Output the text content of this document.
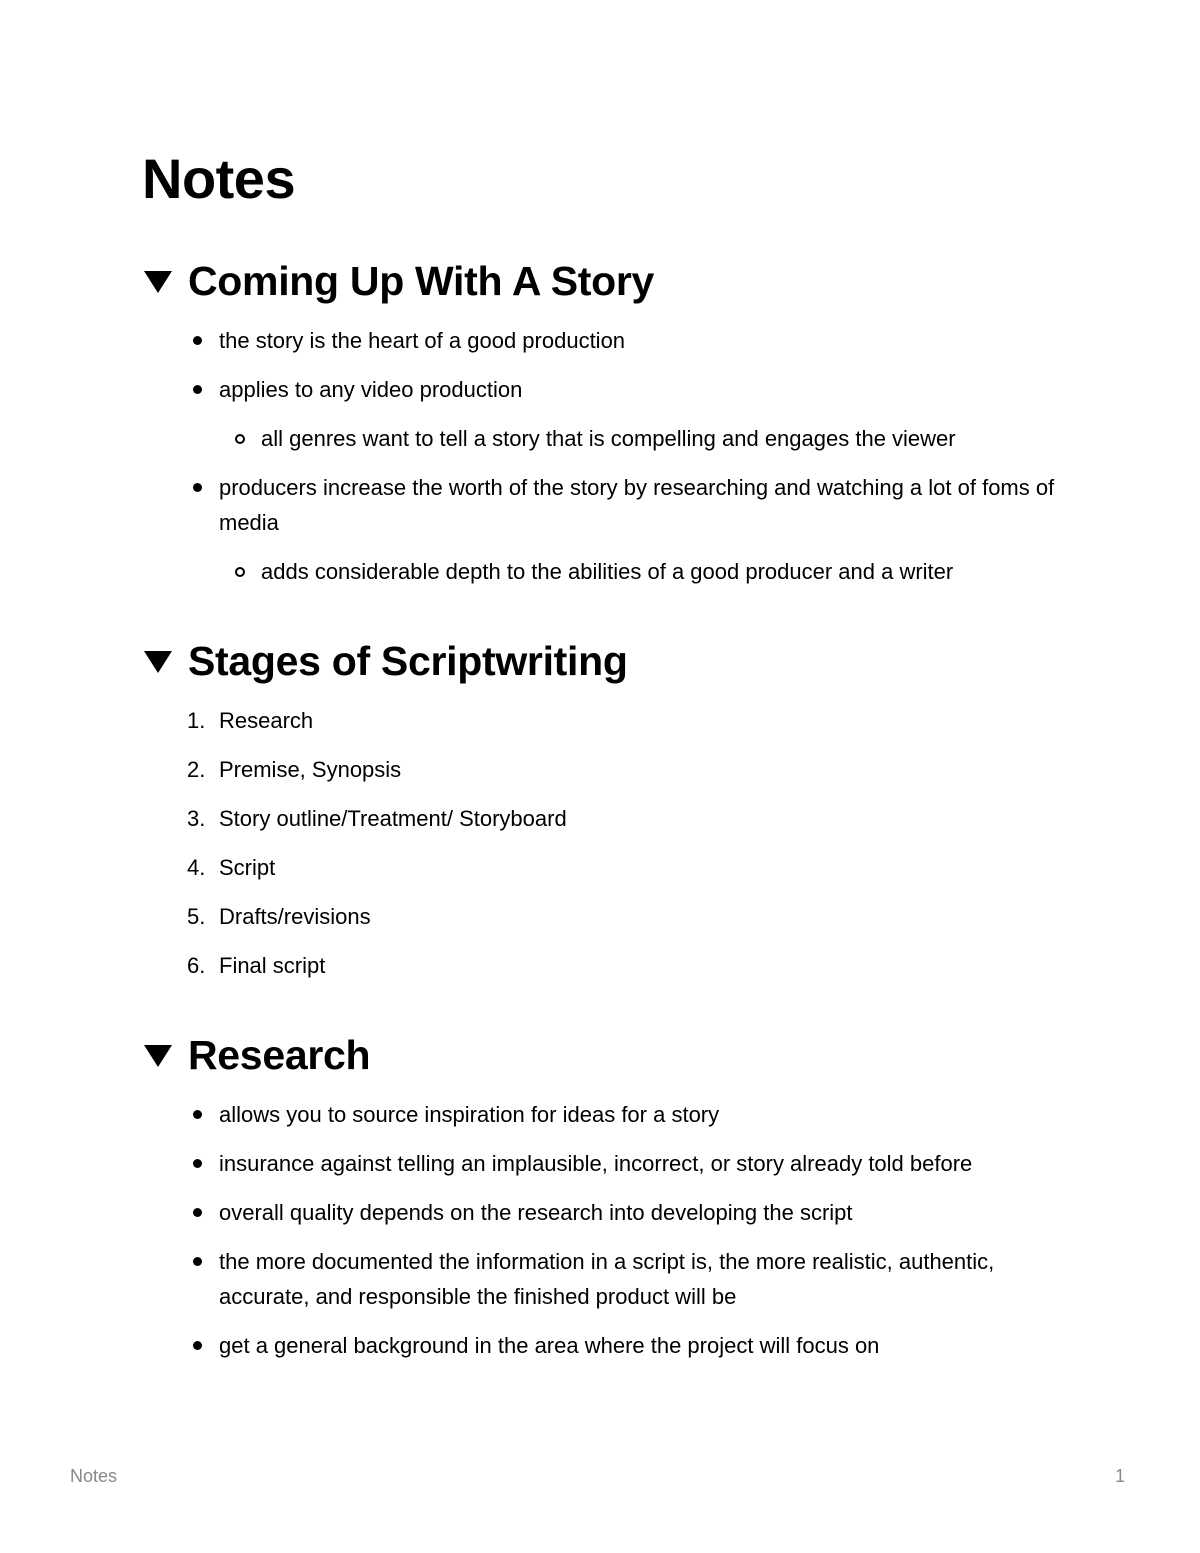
Notes
Coming Up With A Story
the story is the heart of a good production
applies to any video production
all genres want to tell a story that is compelling and engages the viewer
producers increase the worth of the story by researching and watching a lot of foms of media
adds considerable depth to the abilities of a good producer and a writer
Stages of Scriptwriting
1. Research
2. Premise, Synopsis
3. Story outline/Treatment/ Storyboard
4. Script
5. Drafts/revisions
6. Final script
Research
allows you to source inspiration for ideas for a story
insurance against telling an implausible, incorrect, or story already told before
overall quality depends on the research into developing the script
the more documented the information in a script is, the more realistic, authentic, accurate, and responsible the finished product will be
get a general background in the area where the project will focus on
Notes	1
